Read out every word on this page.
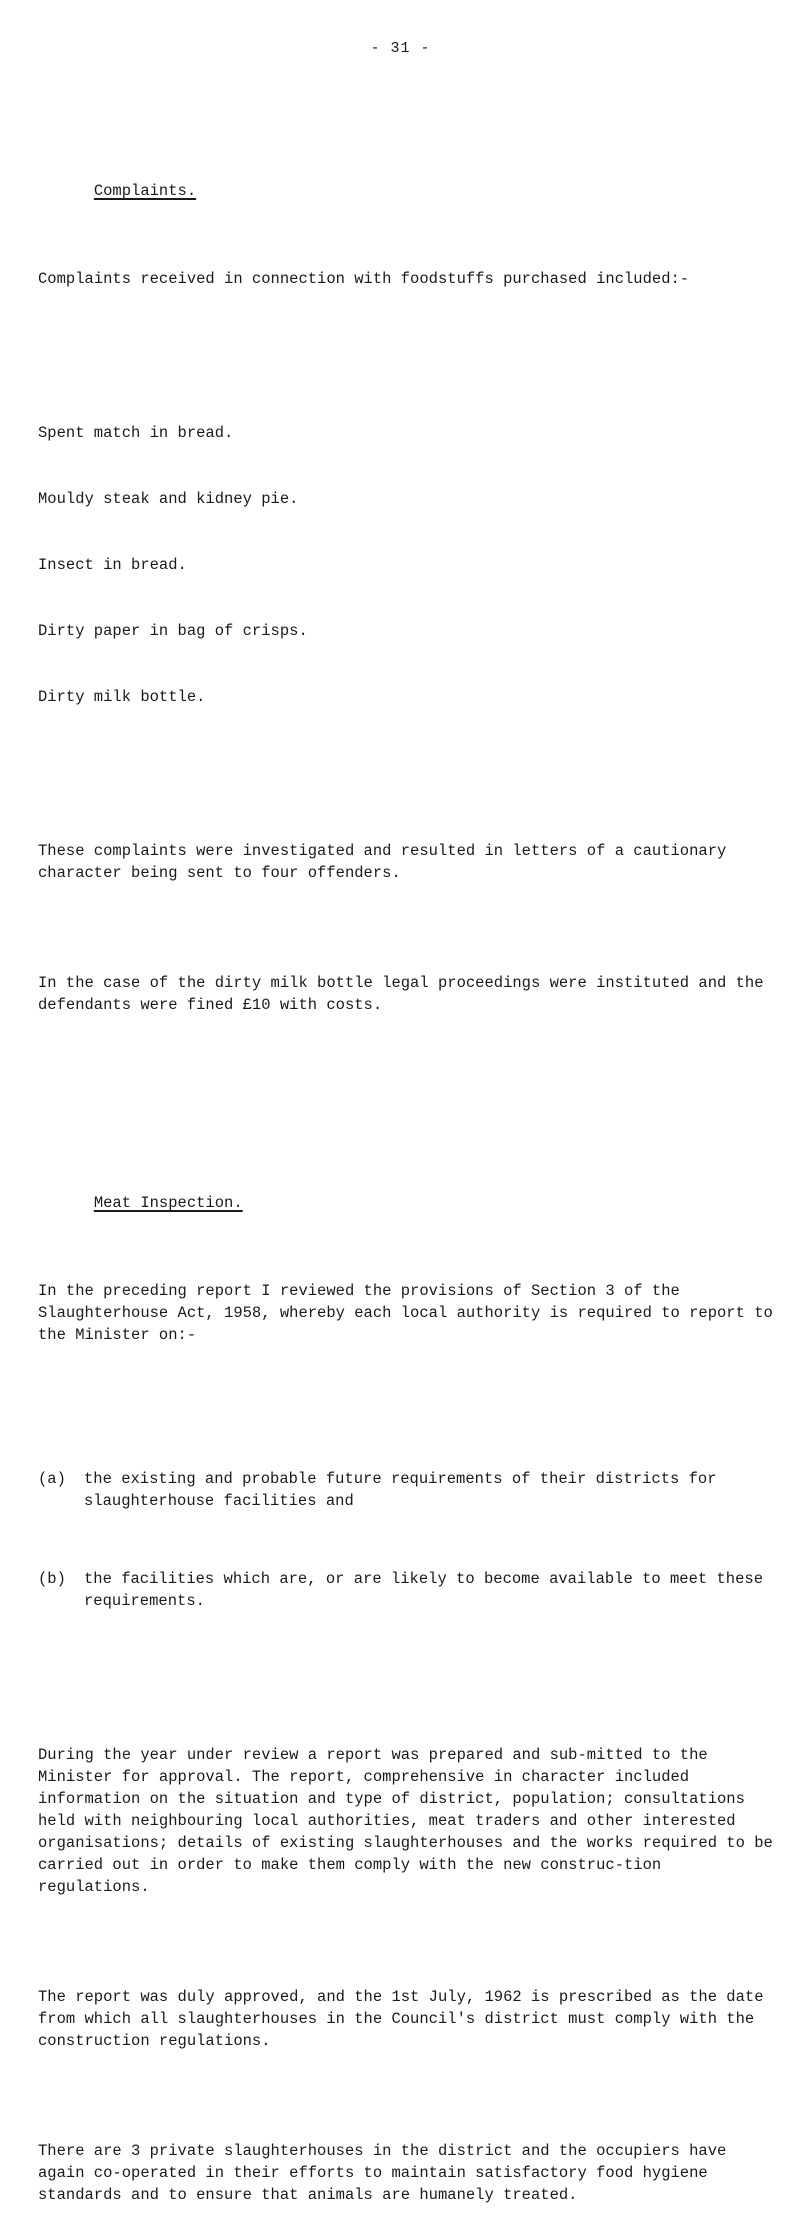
- 31 -

Complaints.

Complaints received in connection with foodstuffs purchased included:-

Spent match in bread.

Mouldy steak and kidney pie.

Insect in bread.

Dirty paper in bag of crisps.

Dirty milk bottle.

These complaints were investigated and resulted in letters of a cautionary character being sent to four offenders.

In the case of the dirty milk bottle legal proceedings were instituted and the defendants were fined £10 with costs.

Meat Inspection.

In the preceding report I reviewed the provisions of Section 3 of the Slaughterhouse Act, 1958, whereby each local authority is required to report to the Minister on:-

(a)	the existing and probable future requirements of their districts for slaughterhouse facilities and

(b)	the facilities which are, or are likely to become available to meet these requirements.

During the year under review a report was prepared and sub-mitted to the Minister for approval. The report, comprehensive in character included information on the situation and type of district, population; consultations held with neighbouring local authorities, meat traders and other interested organisations; details of existing slaughterhouses and the works required to be carried out in order to make them comply with the new construc-tion regulations.

The report was duly approved, and the 1st July, 1962 is prescribed as the date from which all slaughterhouses in the Council's district must comply with the construction regulations.

There are 3 private slaughterhouses in the district and the occupiers have again co-operated in their efforts to maintain satisfactory food hygiene standards and to ensure that animals are humanely treated.
